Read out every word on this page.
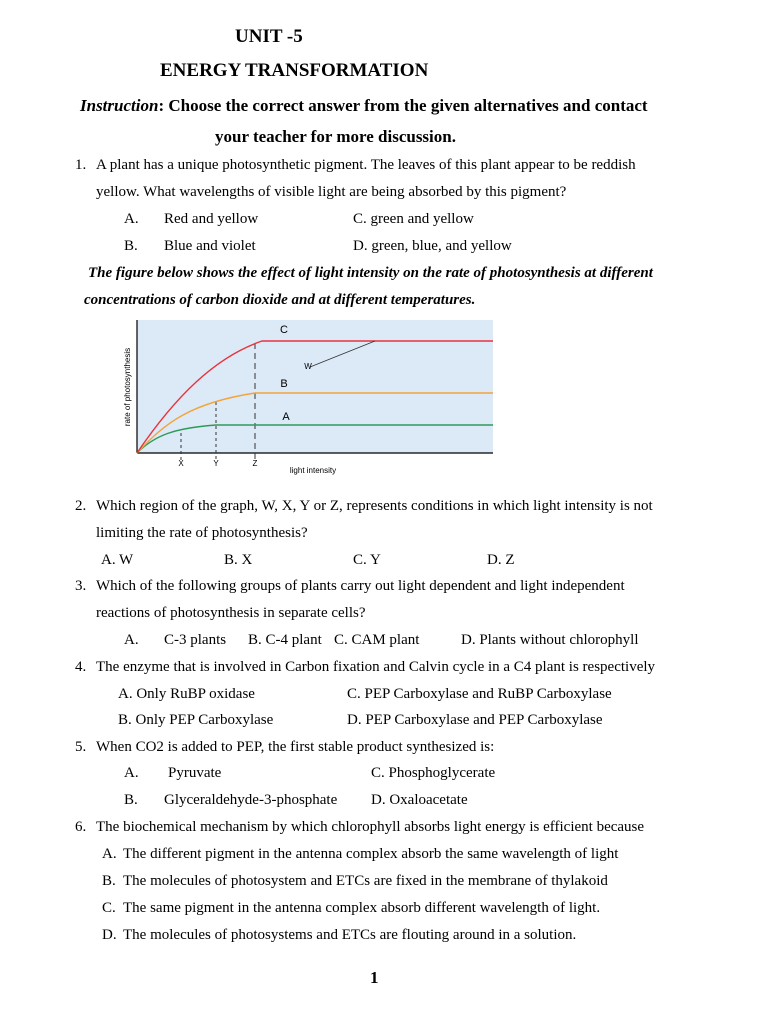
UNIT -5
ENERGY TRANSFORMATION
Instruction: Choose the correct answer from the given alternatives and contact
your teacher for more discussion.
1. A plant has a unique photosynthetic pigment. The leaves of this plant appear to be reddish
yellow. What wavelengths of visible light are being absorbed by this pigment?
A. Red and yellow	C. green and yellow
B. Blue and violet	D. green, blue, and yellow
The figure below shows the effect of light intensity on the rate of photosynthesis at different
concentrations of carbon dioxide and at different temperatures.
C
B
A
W
X	Y	Z
light intensity
rate of photosynthesis
2. Which region of the graph, W, X, Y or Z, represents conditions in which light intensity is not
limiting the rate of photosynthesis?
A. W	B. X	C. Y	D. Z
3. Which of the following groups of plants carry out light dependent and light independent
reactions of photosynthesis in separate cells?
A. C-3 plants B. C-4 plant C. CAM plant	D. Plants without chlorophyll
4. The enzyme that is involved in Carbon fixation and Calvin cycle in a C4 plant is respectively
A. Only RuBP oxidase	C. PEP Carboxylase and RuBP Carboxylase
B. Only PEP Carboxylase	D. PEP Carboxylase and PEP Carboxylase
5. When CO2 is added to PEP, the first stable product synthesized is:
A. Pyruvate	C. Phosphoglycerate
B. Glyceraldehyde-3-phosphate D. Oxaloacetate
6. The biochemical mechanism by which chlorophyll absorbs light energy is efficient because
A. The different pigment in the antenna complex absorb the same wavelength of light
B. The molecules of photosystem and ETCs are fixed in the membrane of thylakoid
C. The same pigment in the antenna complex absorb different wavelength of light.
D. The molecules of photosystems and ETCs are flouting around in a solution.
1
